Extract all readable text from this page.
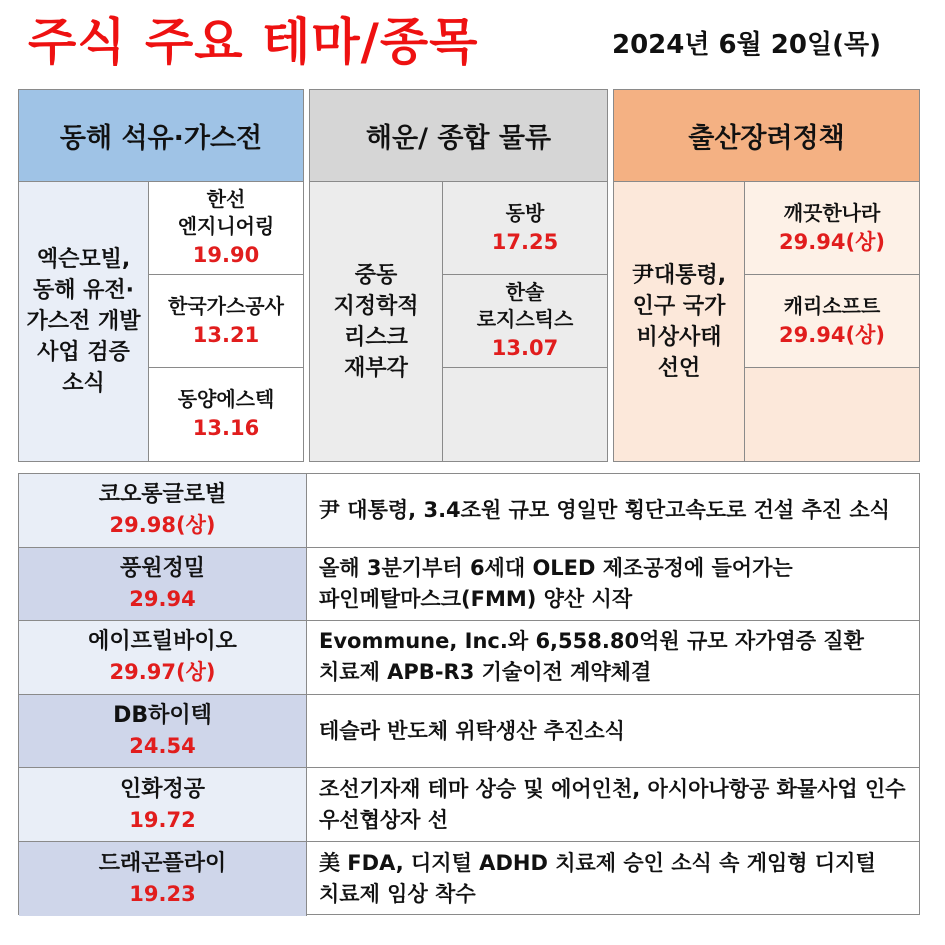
주식 주요 테마/종목	2024년 6월 20일(목)
동해 석유·가스전
엑슨모빌, 동해 유전·가스전 개발 사업 검증 소식
한선 엔지니어링
19.90
한국가스공사
13.21
동양에스텍
13.16
해운/ 종합 물류
중동 지정학적 리스크 재부각
동방
17.25
한솔 로지스틱스
13.07
출산장려정책
尹대통령, 인구 국가 비상사태 선언
깨끗한나라
29.94(상)
캐리소프트
29.94(상)
코오롱글로벌
29.98(상)
尹 대통령, 3.4조원 규모 영일만 횡단고속도로 건설 추진 소식
풍원정밀
29.94
올해 3분기부터 6세대 OLED 제조공정에 들어가는 파인메탈마스크(FMM) 양산 시작
에이프릴바이오
29.97(상)
Evommune, Inc.와 6,558.80억원 규모 자가염증 질환 치료제 APB-R3 기술이전 계약체결
DB하이텍
24.54
테슬라 반도체 위탁생산 추진소식
인화정공
19.72
조선기자재 테마 상승 및 에어인천, 아시아나항공 화물사업 인수 우선협상자 선
드래곤플라이
19.23
美 FDA, 디지털 ADHD 치료제 승인 소식 속 게임형 디지털 치료제 임상 착수
